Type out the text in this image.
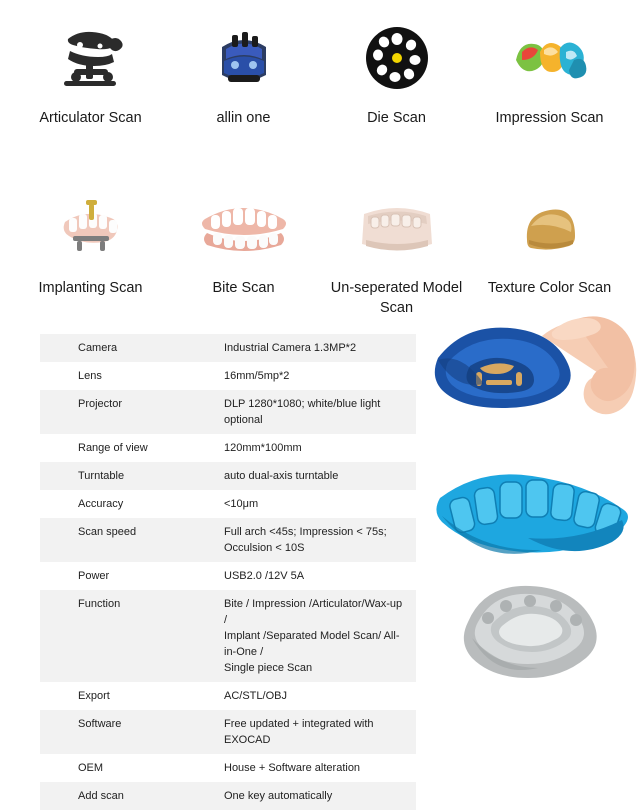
Articulator Scan	allin one	Die Scan	Impression Scan
Implanting Scan	Bite Scan	Un-seperated Model Scan
Texture Color Scan
Camera	Industrial Camera 1.3MP*2

Lens	16mm/5mp*2

Projector	DLP 1280*1080; white/blue light optional

Range of view	120mm*100mm

Turntable	auto dual-axis turntable

Accuracy	<10μm

Scan speed	Full arch <45s; Impression < 75s; Occulsion < 10S

Power	USB2.0 /12V 5A

Function	Bite / Impression /Articulator/Wax-up /
Implant /Separated Model Scan/ All-in-One /
Single piece Scan

Export	AC/STL/OBJ

Software	Free updated + integrated with EXOCAD

OEM	House + Software alteration

Add scan	One key automatically
